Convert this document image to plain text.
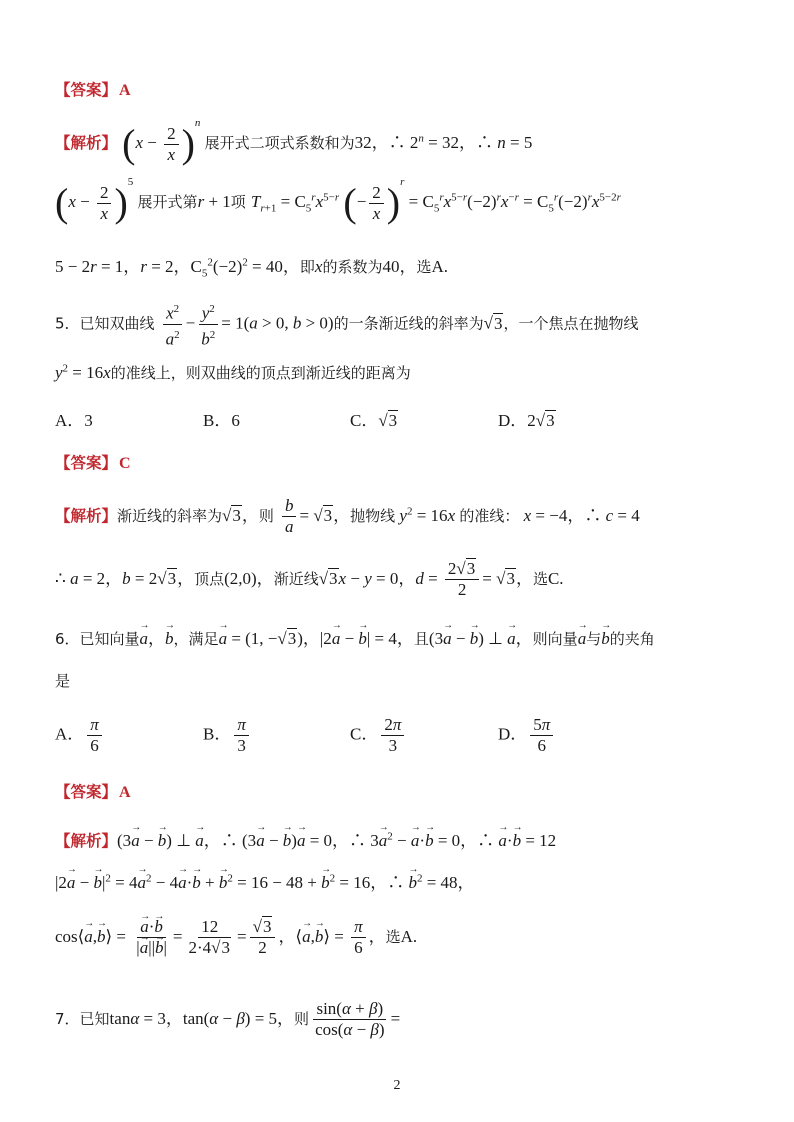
【答案】 A
【解析】 $(x - \frac{2}{x} )^n$ 展开式二项式系数和为32，∴ $2^n = 32$，∴ n = 5
$(x - \frac{2}{x} )^5$ 展开式第r + 1项 $T_{r+1} = C_5^rx^{5-r}$ (− $\frac{2}{x} )^r = C_5^rx^{5-r}(-2)^rx^{-r} = C_5^r(-2)^rx^{5-2r}$
5 − 2r = 1，r = 2，$C_5^2(-2)^2 = 40$，即x的系数为40，选A.
5．已知双曲线 $\frac{x^2}{a^2} - \frac{y^2}{b^2} = 1(a > 0$, b > 0)的一条渐近线的斜率为√3，一个焦点在抛物线
$y^2 = 16x$的准线上，则双曲线的顶点到渐近线的距离为
A．3	B．6	C．√3	D．2√3
【答案】 C
【解析】渐近线的斜率为√3，则 $\frac{b}{a} = √3$，抛物线 $y^2 = 16x$ 的准线： x = −4，∴ c = 4
∴ a = 2，b = 2√3，顶点(2,0)，渐近线√3x − y = 0，$d = \frac{2√3}{2} = √3$，选C.
6．已知向量→ a，→ b，满足→ a = (1, −√3)，|2→ a − → b| = 4，且(3→ a − → b) ⊥ → a，则向量→ a与→ b的夹角
是
A． $\frac{\pi}{6}$	B． $\frac{\pi}{3}$	C． $\frac{2\pi}{3}$	D． $\frac{5\pi}{6}$
【答案】 A
【解析】(3→ a − → b) ⊥ → a，∴ (3→ a − → b)→ a = 0，∴ $3\to a^2$ − → a·→ b = 0，∴ → a·→ b = 12
|2→ a − → $b|^2 = 4\to a^2 - 4\to a\cdot\to b$ + → $b^2 = 16 - 48$ + → $b^2 = 16$，∴ → $b^2 = 48$，
cos⟨→ a,→ b⟩ =
→ $\frac{a\cdot\to b}{|\to a||\to b|} = \frac{12}{2\cdot 4√3} = \frac{√3}{2}$ ，⟨→ a,→ b⟩ = $\frac{\pi}{6}$ ，选A.
7．已知tanα = 3，tan(α − β) = 5，则 $\frac{\sin(\alpha + \beta)}{\cos(\alpha - \beta)}$ =
2
